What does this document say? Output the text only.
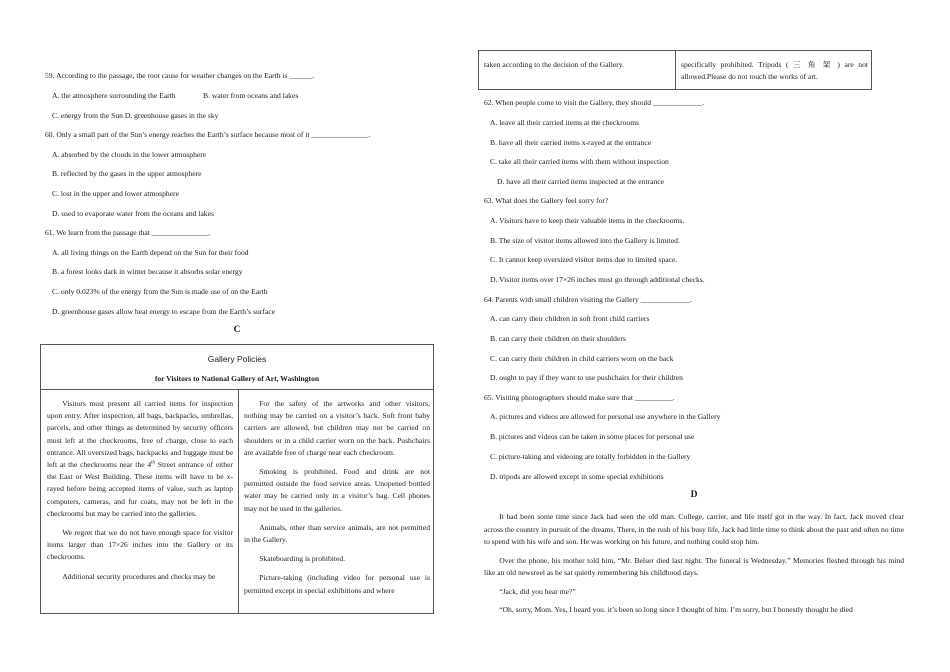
59. According to the passage, the root cause for weather changes on the Earth is ______.
A. the atmosphere surrounding the Earth	B. water from oceans and lakes
C. energy from the Sun D. greenhouse gases in the sky
60. Only a small part of the Sun’s energy reaches the Earth’s surface because most of it _______________.
A. absorbed by the clouds in the lower atmosphere
B. reflected by the gases in the upper atmosphere
C. lost in the upper and lower atmosphere
D. used to evaporate water from the oceans and lakes
61. We learn from the passage that _______________.
A. all living things on the Earth depend on the Sun for their food
B. a forest looks dark in winter because it absorbs solar energy
C. only 0.023% of the energy from the Sun is made use of on the Earth
D. greenhouse gases allow heat energy to escape from the Earth’s surface
C
Gallery Policies
for Visitors to National Gallery of Art, Washington

Visitors must present all carried items for inspection upon entry. After inspection, all bags, backpacks, umbrellas, parcels, and other things as determined by security officers must left at the checkrooms, free of charge, close to each entrance. All oversized bags, backpacks and luggage must be left at the checkrooms near the 4th Street entrance of either the East or West Building. These items will have to be x-rayed before being accepted items of value, such as laptop computers, cameras, and fur coats, may not be left in the checkrooms but may be carried into the galleries.

We regret that we do not have enough space for visitor items larger than 17×26 inches into the Gallery or its checkrooms.

Additional security procedures and checks may be

For the safety of the artworks and other visitors, nothing may be carried on a visitor’s back. Soft front baby carriers are allowed, but children may not be carried on shoulders or in a child carrier worn on the back. Pushchairs are available free of charge near each checkroom.

Smoking is prohibited. Food and drink are not permitted outside the food service areas. Unopened bottled water may be carried only in a visitor’s bag. Cell phones may not be used in the galleries.

Animals, other than service animals, are not permitted in the Gallery.

Skateboarding is prohibited.

Picture-taking (including video for personal use is permitted except in special exhibitions and where

taken according to the decision of the Gallery.	specifically prohibited. Tripods ( 三 角 架 ) are not allowed.Please do not touch the works of art.
62. When people come to visit the Gallery, they should _____________.
A. leave all their carried items at the checkrooms
B. have all their carried items x-rayed at the entrance
C. take all their carried items with them without inspection
D. have all their carried items inspected at the entrance
63. What does the Gallery feel sorry for?
A. Visitors have to keep their valuable items in the checkrooms.
B. The size of visitor items allowed into the Gallery is limited.
C. It cannot keep oversized visitor items due to limited space.
D. Visitor items over 17×26 inches must go through additional checks.
64. Parents with small children visiting the Gallery _____________.
A. can carry their children in soft front child carriers
B. can carry their children on their shoulders
C. can carry their children in child carriers worn on the back
D. ought to pay if they want to use pushchairs for their children
65. Visiting photographers should make sure that __________.
A. pictures and videos are allowed for personal use anywhere in the Gallery
B. pictures and videos can be taken in some places for personal use
C. picture-taking and videoing are totally forbidden in the Gallery
D. tripods are allowed except in some special exhibitions
D

It had been some time since Jack had seen the old man. College, carrier, and life itself got in the way. In fact, Jack moved clear across the country in pursuit of the dreams. There, in the rush of his busy life, Jack had little time to think about the past and often no time to spend with his wife and son. He was working on his future, and nothing could stop him.

Over the phone, his mother told him, “Mr. Belser died last night. The funeral is Wednesday.” Memories fleshed through his mind like an old newsreel as he sat quietly remembering his childhood days.

“Jack, did you hear me?”

“Oh, sorry, Mom. Yes, I heard you. it’s been so long since I thought of him. I’m sorry, but I honestly thought he died
